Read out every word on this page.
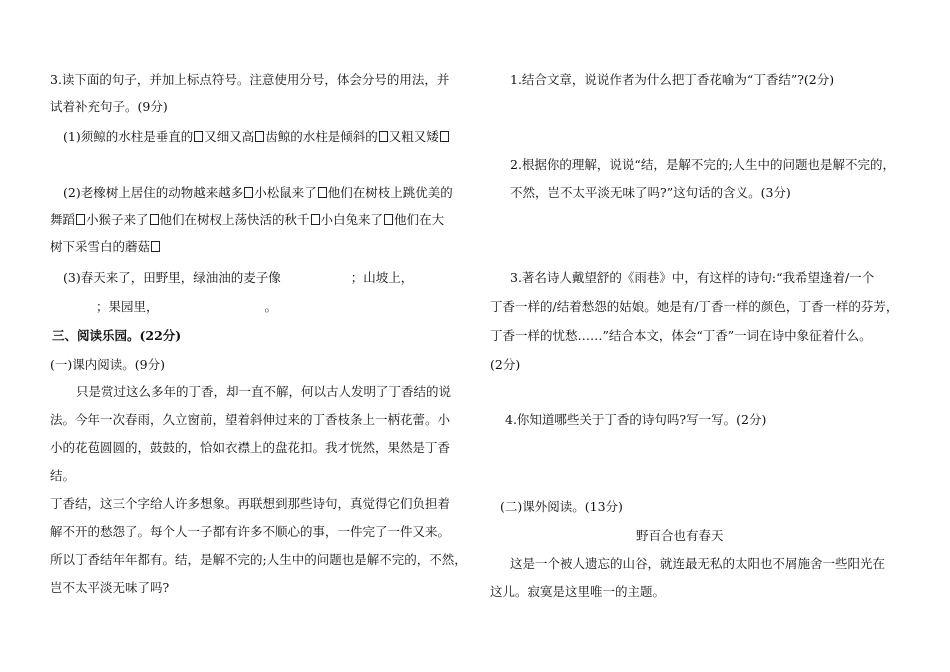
3.读下面的句子，并加上标点符号。注意使用分号，体会分号的用法，并
试着补充句子。(9分)
(1)须鲸的水柱是垂直的 又细又高 齿鲸的水柱是倾斜的 又粗又矮
(2)老橡树上居住的动物越来越多 小松鼠来了 他们在树枝上跳优美的
舞蹈 小猴子来了 他们在树杈上荡快活的秋千 小白兔来了 他们在大
树下采雪白的蘑菇
(3)春天来了，田野里，绿油油的麦子像	；山坡上，
；果园里，	。
三、阅读乐园。(22分)
(一)课内阅读。(9分)
只是赏过这么多年的丁香，却一直不解，何以古人发明了丁香结的说
法。今年一次春雨，久立窗前，望着斜伸过来的丁香枝条上一柄花蕾。小
小的花苞圆圆的，鼓鼓的，恰如衣襟上的盘花扣。我才恍然，果然是丁香
结。
丁香结，这三个字给人许多想象。再联想到那些诗句，真觉得它们负担着
解不开的愁怨了。每个人一子都有许多不顺心的事，一件完了一件又来。
所以丁香结年年都有。结，是解不完的;人生中的问题也是解不完的，不然，
岂不太平淡无味了吗?
1.结合文章，说说作者为什么把丁香花喻为“丁香结”?(2分)
2.根据你的理解，说说“结，是解不完的;人生中的问题也是解不完的，
不然，岂不太平淡无味了吗?”这句话的含义。(3分)
3.著名诗人戴望舒的《雨巷》中，有这样的诗句:“我希望逢着/一个
丁香一样的/结着愁怨的姑娘。她是有/丁香一样的颜色，丁香一样的芬芳，
丁香一样的忧愁……”结合本文，体会“丁香”一词在诗中象征着什么。
(2分)
4.你知道哪些关于丁香的诗句吗?写一写。(2分)
(二)课外阅读。(13分)
野百合也有春天
这是一个被人遗忘的山谷，就连最无私的太阳也不屑施舍一些阳光在
这儿。寂寞是这里唯一的主题。
